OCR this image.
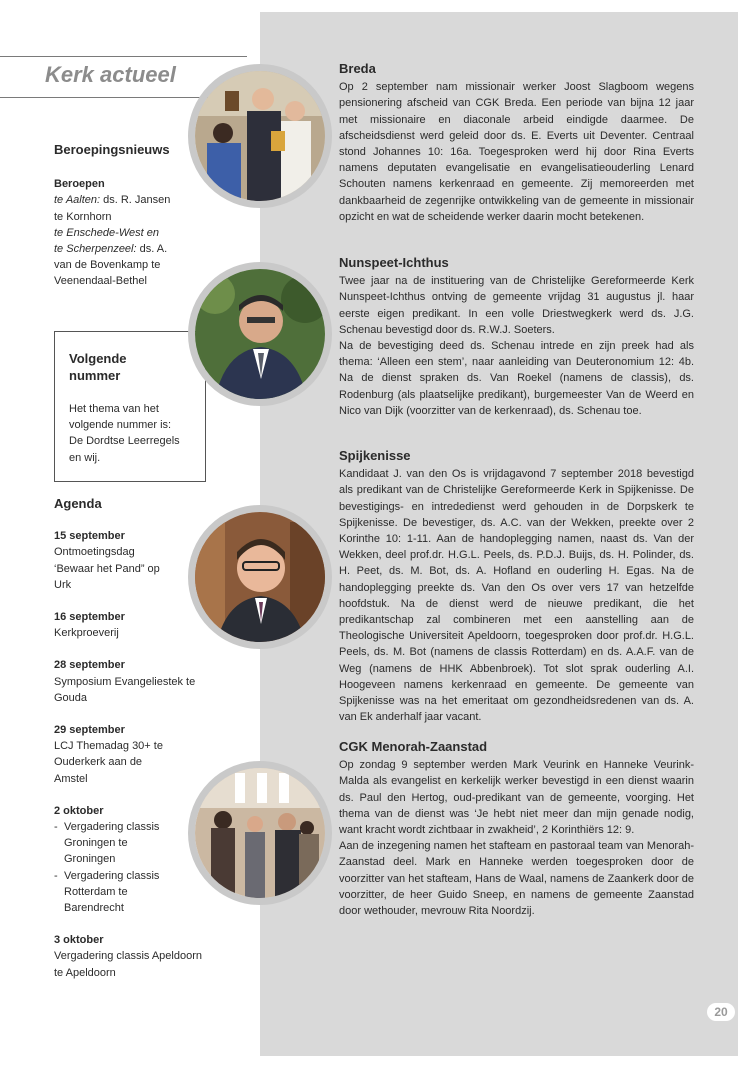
Kerk actueel
Beroepingsnieuws
Beroepen
te Aalten: ds. R. Jansen
te Kornhorn
te Enschede-West en
te Scherpenzeel: ds. A.
van de Bovenkamp te
Veenendaal-Bethel
Volgende
nummer
Het thema van het
volgende nummer is:
De Dordtse Leerregels
en wij.
Agenda
15 september
Ontmoetingsdag
‘Bewaar het Pand” op
Urk
16 september
Kerkproeverij
28 september
Symposium Evangeliestek te
Gouda
29 september
LCJ Themadag 30+ te
Ouderkerk aan de
Amstel
2 oktober
- Vergadering classis
Groningen te
Groningen
- Vergadering classis
Rotterdam te
Barendrecht
3 oktober
Vergadering classis Apeldoorn
te Apeldoorn
Breda

Op 2 september nam missionair werker Joost Slagboom wegens pensionering afscheid van CGK Breda. Een periode van bijna 12 jaar met missionaire en diaconale arbeid eindigde daarmee. De afscheidsdienst werd geleid door ds. E. Everts uit Deventer. Centraal stond Johannes 10: 16a. Toegesproken werd hij door Rina Everts namens deputaten evangelisatie en evangelisatieouderling Lenard Schouten namens kerkenraad en gemeente. Zij memoreerden met dankbaarheid de zegenrijke ontwikkeling van de gemeente in missionair opzicht en wat de scheidende werker daarin mocht betekenen.

Nunspeet-Ichthus

Twee jaar na de instituering van de Christelijke Gereformeerde Kerk Nunspeet-Ichthus ontving de gemeente vrijdag 31 augustus jl. haar eerste eigen predikant. In een volle Driestwegkerk werd ds. J.G. Schenau bevestigd door ds. R.W.J. Soeters.

Na de bevestiging deed ds. Schenau intrede en zijn preek had als thema: ‘Alleen een stem’, naar aanleiding van Deuteronomium 12: 4b. Na de dienst spraken ds. Van Roekel (namens de classis), ds. Rodenburg (als plaatselijke predikant), burgemeester Van de Weerd en Nico van Dijk (voorzitter van de kerkenraad), ds. Schenau toe.

Spijkenisse

Kandidaat J. van den Os is vrijdagavond 7 september 2018 bevestigd als predikant van de Christelijke Gereformeerde Kerk in Spijkenisse. De bevestigings- en intrededienst werd gehouden in de Dorpskerk te Spijkenisse. De bevestiger, ds. A.C. van der Wekken, preekte over 2 Korinthe 10: 1-11. Aan de handoplegging namen, naast ds. Van der Wekken, deel prof.dr. H.G.L. Peels, ds. P.D.J. Buijs, ds. H. Polinder, ds. H. Peet, ds. M. Bot, ds. A. Hofland en ouderling H. Egas. Na de handoplegging preekte ds. Van den Os over vers 17 van hetzelfde hoofdstuk. Na de dienst werd de nieuwe predikant, die het predikantschap zal combineren met een aanstelling aan de Theologische Universiteit Apeldoorn, toegesproken door prof.dr. H.G.L. Peels, ds. M. Bot (namens de classis Rotterdam) en ds. A.A.F. van de Weg (namens de HHK Abbenbroek). Tot slot sprak ouderling A.I. Hoogeveen namens kerkenraad en gemeente. De gemeente van Spijkenisse was na het emeritaat om gezondheidsredenen van ds. A. van Ek anderhalf jaar vacant.

CGK Menorah-Zaanstad

Op zondag 9 september werden Mark Veurink en Hanneke Veurink-Malda als evangelist en kerkelijk werker bevestigd in een dienst waarin ds. Paul den Hertog, oud-predikant van de gemeente, voorging. Het thema van de dienst was ‘Je hebt niet meer dan mijn genade nodig, want kracht wordt zichtbaar in zwakheid’, 2 Korinthiërs 12: 9.

Aan de inzegening namen het stafteam en pastoraal team van Menorah-Zaanstad deel. Mark en Hanneke werden toegesproken door de voorzitter van het stafteam, Hans de Waal, namens de Zaankerk door de voorzitter, de heer Guido Sneep, en namens de gemeente Zaanstad door wethouder, mevrouw Rita Noordzij.

20
